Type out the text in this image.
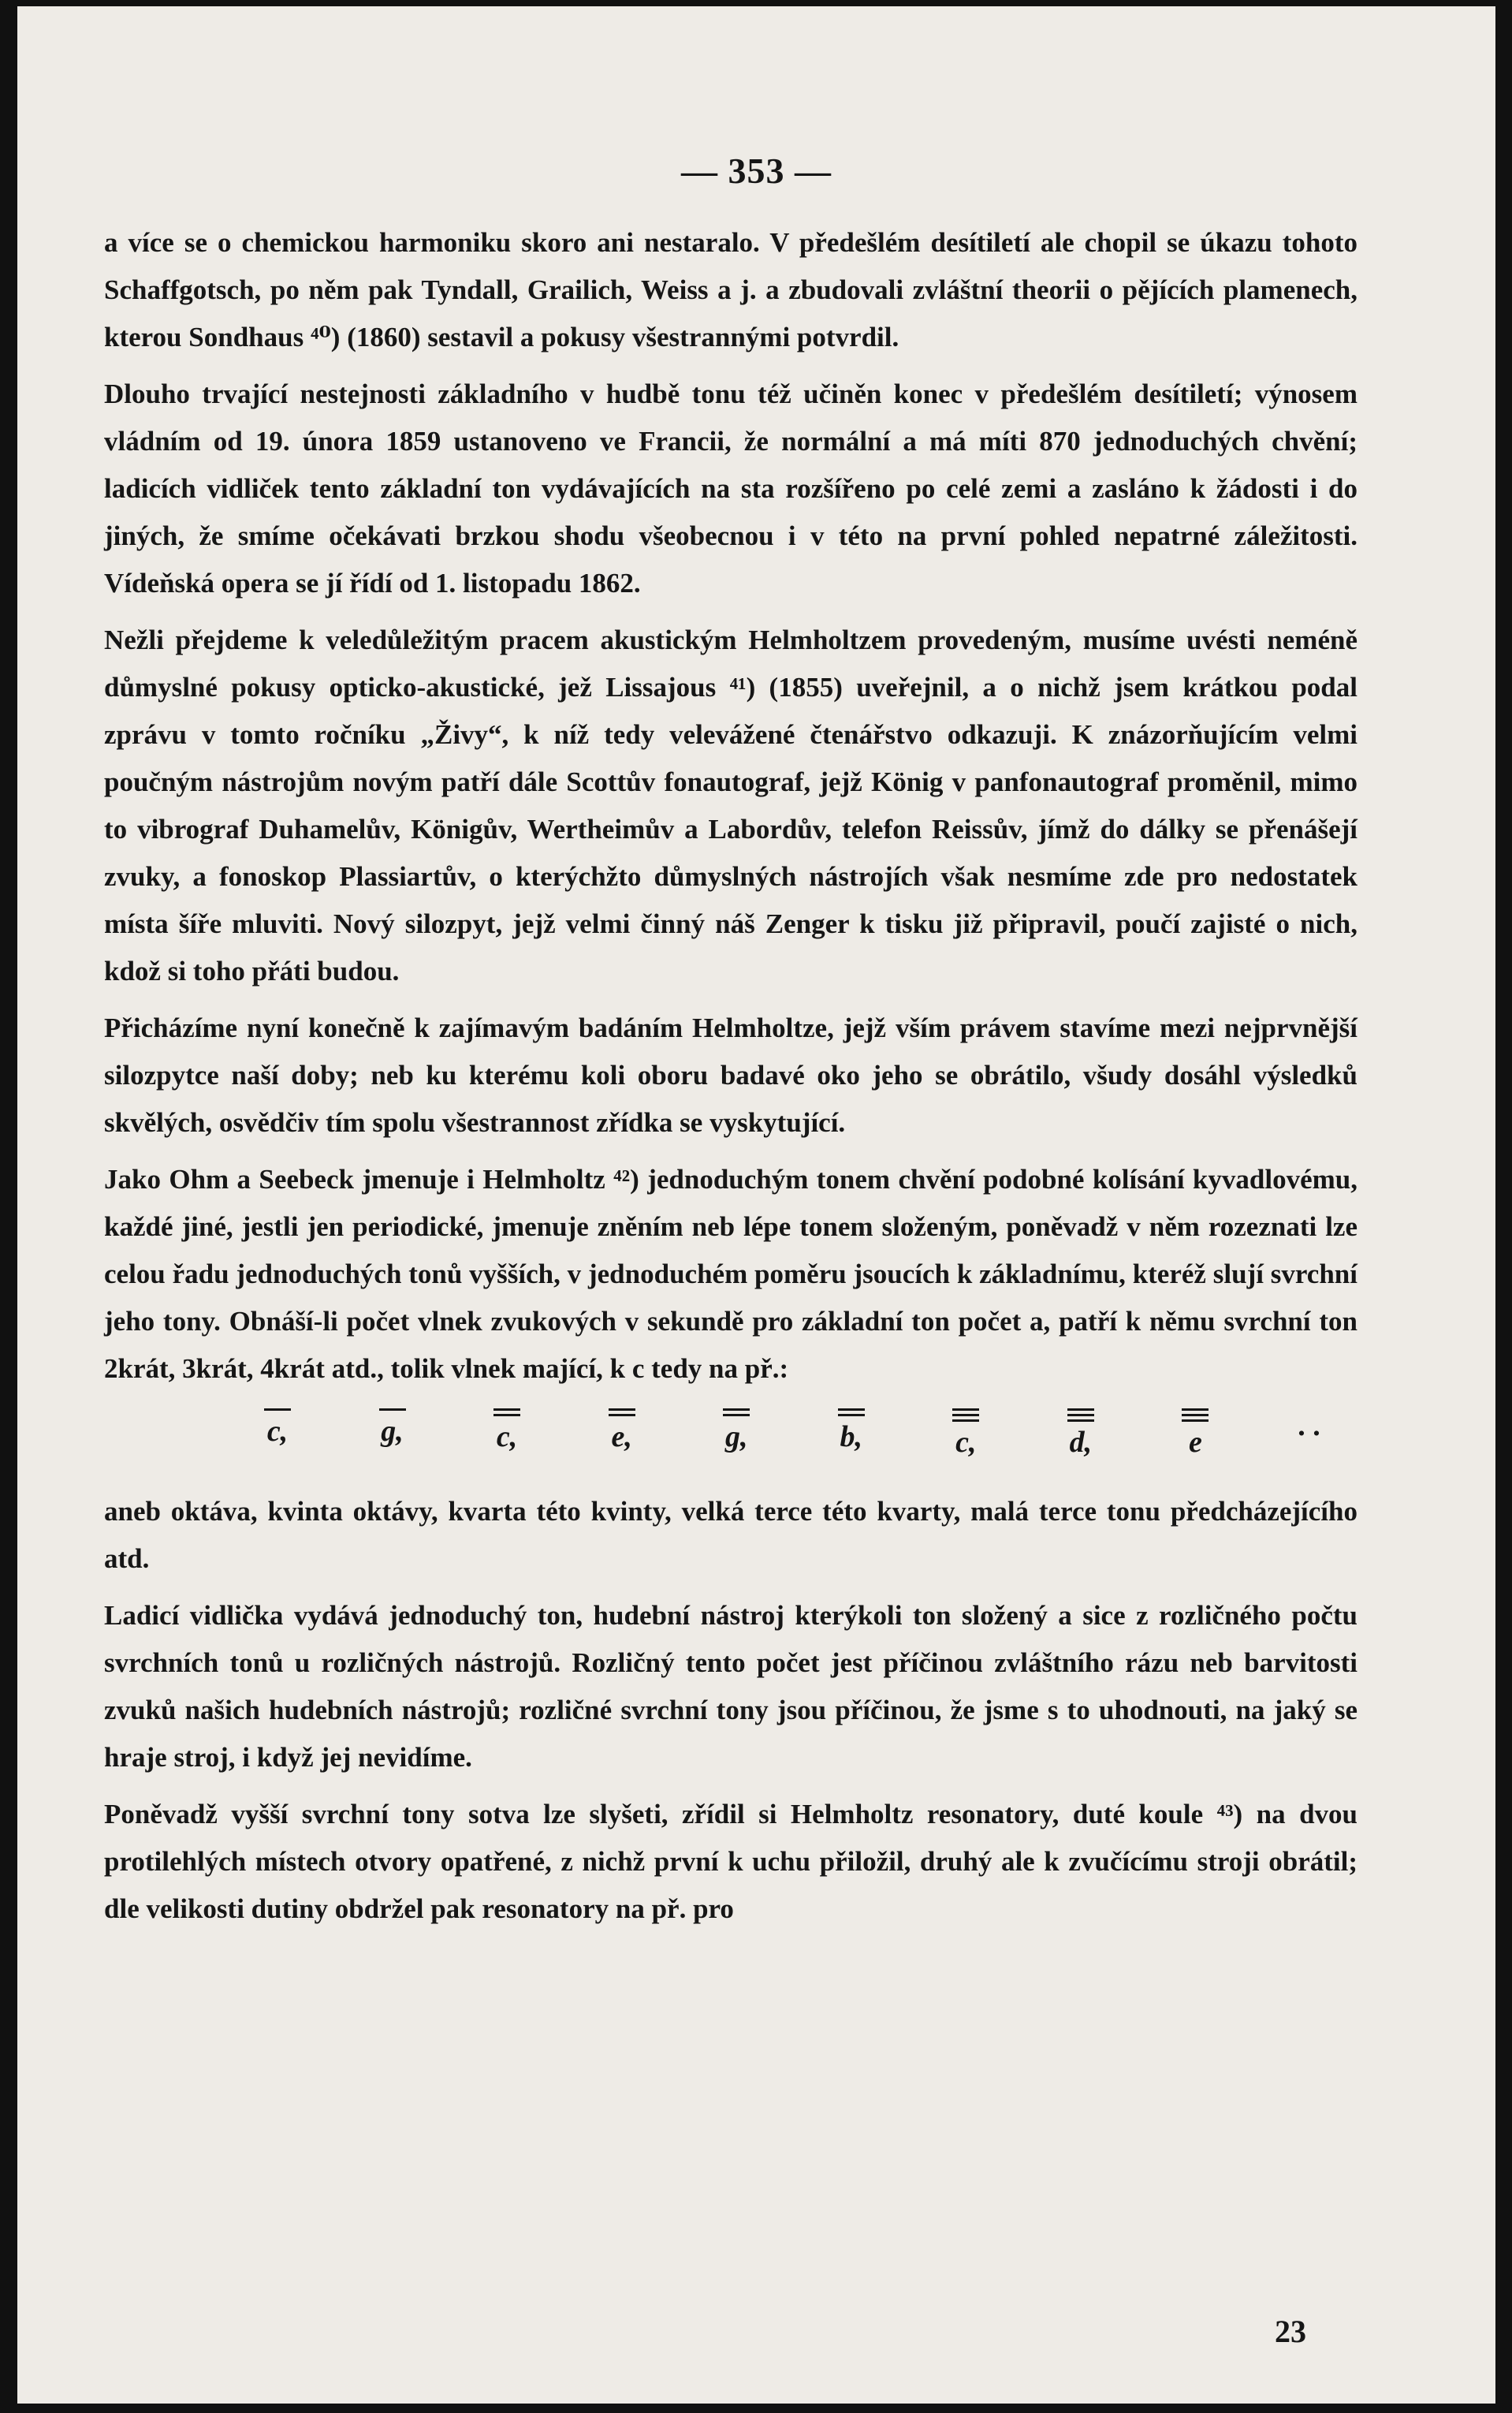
— 353 —

a více se o chemickou harmoniku skoro ani nestaralo. V předešlém desítiletí ale chopil se úkazu tohoto Schaffgotsch, po něm pak Tyndall, Grailich, Weiss a j. a zbudovali zvláštní theorii o pějících plamenech, kterou Sondhaus ⁴⁰) (1860) sestavil a pokusy všestrannými potvrdil.

Dlouho trvající nestejnosti základního v hudbě tonu též učiněn konec v předešlém desítiletí; výnosem vládním od 19. února 1859 ustanoveno ve Francii, že normální a má míti 870 jednoduchých chvění; ladicích vidliček tento základní ton vydávajících na sta rozšířeno po celé zemi a zasláno k žádosti i do jiných, že smíme očekávati brzkou shodu všeobecnou i v této na první pohled nepatrné záležitosti. Vídeňská opera se jí řídí od 1. listopadu 1862.

Nežli přejdeme k veledůležitým pracem akustickým Helmholtzem provedeným, musíme uvésti neméně důmyslné pokusy opticko-akustické, jež Lissajous ⁴¹) (1855) uveřejnil, a o nichž jsem krátkou podal zprávu v tomto ročníku „Živy“, k níž tedy velevážené čtenářstvo odkazuji. K znázorňujícím velmi poučným nástrojům novým patří dále Scottův fonautograf, jejž König v panfonautograf proměnil, mimo to vibrograf Duhamelův, Königův, Wertheimův a Labordův, telefon Reissův, jímž do dálky se přenášejí zvuky, a fonoskop Plassiartův, o kterýchžto důmyslných nástrojích však nesmíme zde pro nedostatek místa šíře mluviti. Nový silozpyt, jejž velmi činný náš Zenger k tisku již připravil, poučí zajisté o nich, kdož si toho přáti budou.

Přicházíme nyní konečně k zajímavým badáním Helmholtze, jejž vším právem stavíme mezi nejprvnější silozpytce naší doby; neb ku kterému koli oboru badavé oko jeho se obrátilo, všudy dosáhl výsledků skvělých, osvědčiv tím spolu všestrannost zřídka se vyskytující.

Jako Ohm a Seebeck jmenuje i Helmholtz ⁴²) jednoduchým tonem chvění podobné kolísání kyvadlovému, každé jiné, jestli jen periodické, jmenuje zněním neb lépe tonem složeným, poněvadž v něm rozeznati lze celou řadu jednoduchých tonů vyšších, v jednoduchém poměru jsoucích k základnímu, kteréž slují svrchní jeho tony. Obnáší-li počet vlnek zvukových v sekundě pro základní ton počet a, patří k němu svrchní ton 2krát, 3krát, 4krát atd., tolik vlnek mající, k c tedy na př.:

c,	g,	c,	e,	g,	b,	c,	d,	e	. .

aneb oktáva, kvinta oktávy, kvarta této kvinty, velká terce této kvarty, malá terce tonu předcházejícího atd.

Ladicí vidlička vydává jednoduchý ton, hudební nástroj kterýkoli ton složený a sice z rozličného počtu svrchních tonů u rozličných nástrojů. Rozličný tento počet jest příčinou zvláštního rázu neb barvitosti zvuků našich hudebních nástrojů; rozličné svrchní tony jsou příčinou, že jsme s to uhodnouti, na jaký se hraje stroj, i když jej nevidíme.

Poněvadž vyšší svrchní tony sotva lze slyšeti, zřídil si Helmholtz resonatory, duté koule ⁴³) na dvou protilehlých místech otvory opatřené, z nichž první k uchu přiložil, druhý ale k zvučícímu stroji obrátil; dle velikosti dutiny obdržel pak resonatory na př. pro

23
